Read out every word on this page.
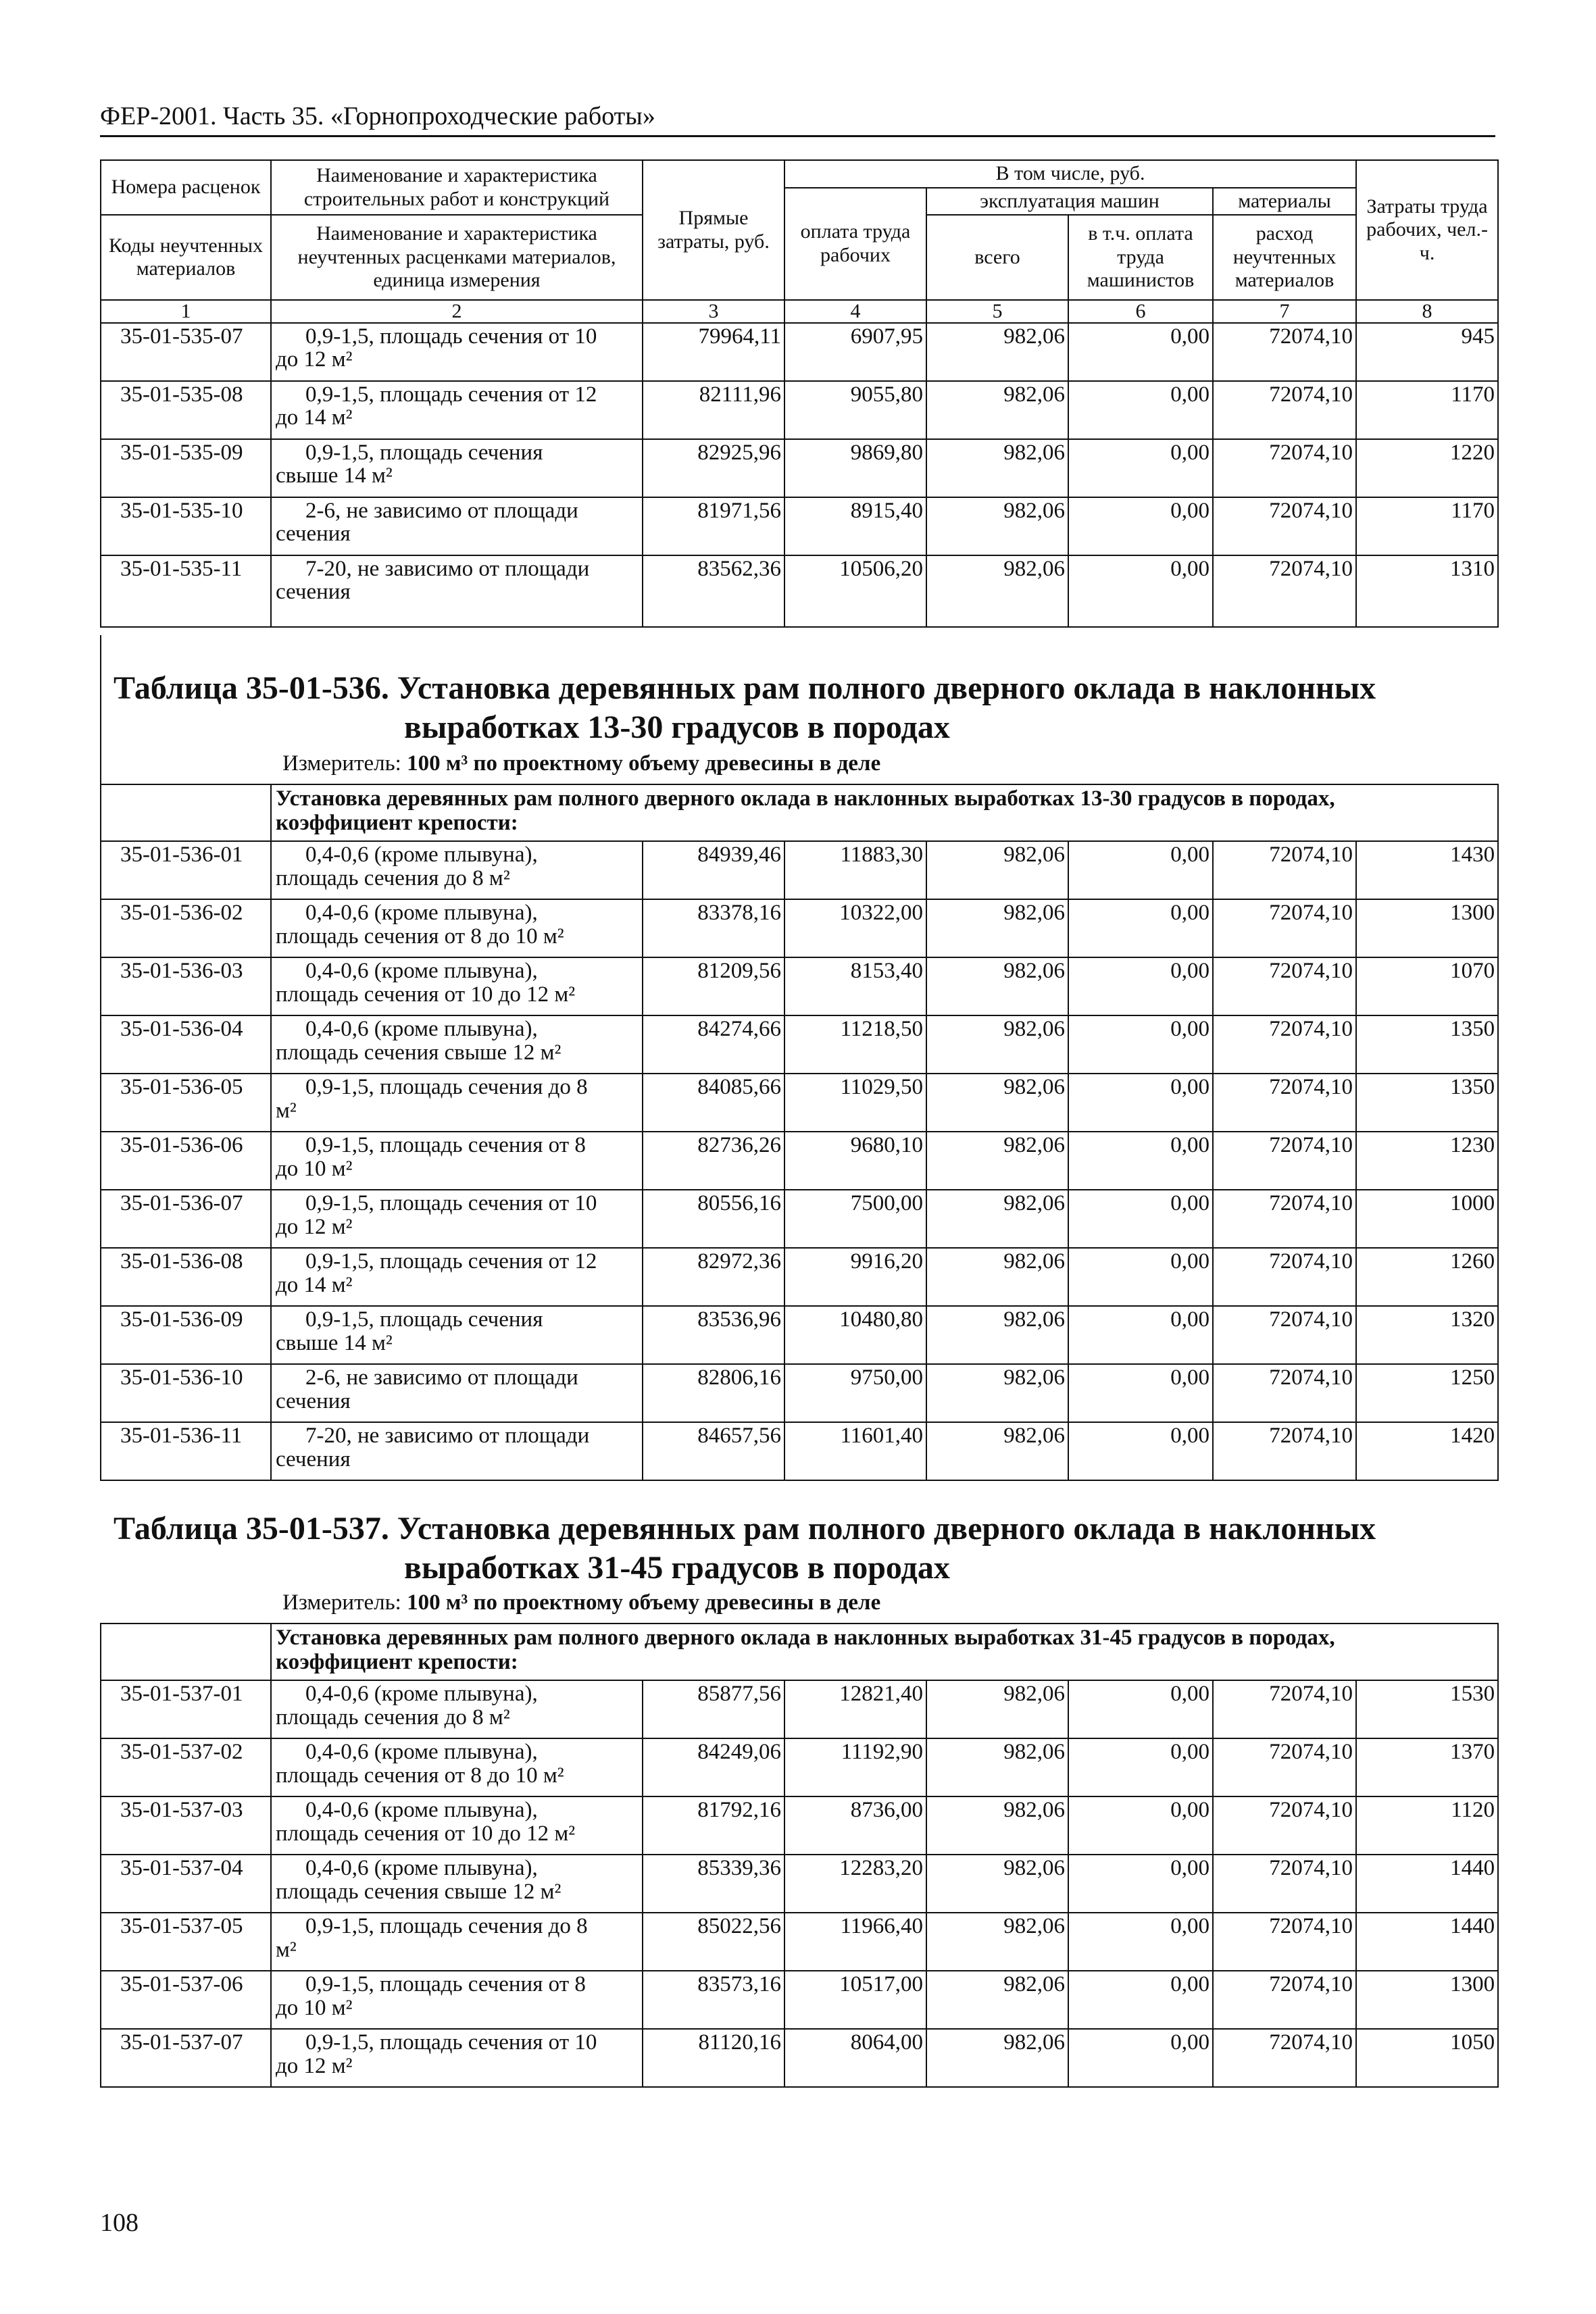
ФЕР-2001. Часть 35. «Горнопроходческие работы»
Номера расценок	Наименование и характеристика строительных работ и конструкций	Прямые затраты, руб.	В том числе, руб.				Затраты труда рабочих, чел.-ч.
			оплата труда рабочих	эксплуатация машин		материалы	
Коды неучтенных материалов	Наименование и характеристика неучтенных расценками материалов, единица измерения			всего	в т.ч. оплата труда машинистов	расход неучтенных материалов	

1	2	3	4	5	6	7	8
35-01-535-07	0,9-1,5, площадь сечения от 10
до 12 м²	79964,11	6907,95	982,06	0,00	72074,10	945
35-01-535-08	0,9-1,5, площадь сечения от 12
до 14 м²	82111,96	9055,80	982,06	0,00	72074,10	1170
35-01-535-09	0,9-1,5, площадь сечения
свыше 14 м²	82925,96	9869,80	982,06	0,00	72074,10	1220
35-01-535-10	2-6, не зависимо от площади
сечения	81971,56	8915,40	982,06	0,00	72074,10	1170
35-01-535-11	7-20, не зависимо от площади
сечения	83562,36	10506,20	982,06	0,00	72074,10	1310
Таблица 35-01-536. Установка деревянных рам полного дверного оклада в наклонных
выработках 13-30 градусов в породах
Измеритель: 100 м³ по проектному объему древесины в деле

	Установка деревянных рам полного дверного оклада в наклонных выработках 13-30 градусов в породах,
коэффициент крепости:						

35-01-536-01	0,4-0,6 (кроме плывуна),
площадь сечения до 8 м²	84939,46	11883,30	982,06	0,00	72074,10	1430
35-01-536-02	0,4-0,6 (кроме плывуна),
площадь сечения от 8 до 10 м²	83378,16	10322,00	982,06	0,00	72074,10	1300
35-01-536-03	0,4-0,6 (кроме плывуна),
площадь сечения от 10 до 12 м²	81209,56	8153,40	982,06	0,00	72074,10	1070
35-01-536-04	0,4-0,6 (кроме плывуна),
площадь сечения свыше 12 м²	84274,66	11218,50	982,06	0,00	72074,10	1350
35-01-536-05	0,9-1,5, площадь сечения до 8
м²	84085,66	11029,50	982,06	0,00	72074,10	1350
35-01-536-06	0,9-1,5, площадь сечения от 8
до 10 м²	82736,26	9680,10	982,06	0,00	72074,10	1230
35-01-536-07	0,9-1,5, площадь сечения от 10
до 12 м²	80556,16	7500,00	982,06	0,00	72074,10	1000
35-01-536-08	0,9-1,5, площадь сечения от 12
до 14 м²	82972,36	9916,20	982,06	0,00	72074,10	1260
35-01-536-09	0,9-1,5, площадь сечения
свыше 14 м²	83536,96	10480,80	982,06	0,00	72074,10	1320
35-01-536-10	2-6, не зависимо от площади
сечения	82806,16	9750,00	982,06	0,00	72074,10	1250
35-01-536-11	7-20, не зависимо от площади
сечения	84657,56	11601,40	982,06	0,00	72074,10	1420
Таблица 35-01-537. Установка деревянных рам полного дверного оклада в наклонных
выработках 31-45 градусов в породах
Измеритель: 100 м³ по проектному объему древесины в деле

	Установка деревянных рам полного дверного оклада в наклонных выработках 31-45 градусов в породах,
коэффициент крепости:						

35-01-537-01	0,4-0,6 (кроме плывуна),
площадь сечения до 8 м²	85877,56	12821,40	982,06	0,00	72074,10	1530
35-01-537-02	0,4-0,6 (кроме плывуна),
площадь сечения от 8 до 10 м²	84249,06	11192,90	982,06	0,00	72074,10	1370
35-01-537-03	0,4-0,6 (кроме плывуна),
площадь сечения от 10 до 12 м²	81792,16	8736,00	982,06	0,00	72074,10	1120
35-01-537-04	0,4-0,6 (кроме плывуна),
площадь сечения свыше 12 м²	85339,36	12283,20	982,06	0,00	72074,10	1440
35-01-537-05	0,9-1,5, площадь сечения до 8
м²	85022,56	11966,40	982,06	0,00	72074,10	1440
35-01-537-06	0,9-1,5, площадь сечения от 8
до 10 м²	83573,16	10517,00	982,06	0,00	72074,10	1300
35-01-537-07	0,9-1,5, площадь сечения от 10
до 12 м²	81120,16	8064,00	982,06	0,00	72074,10	1050
108
